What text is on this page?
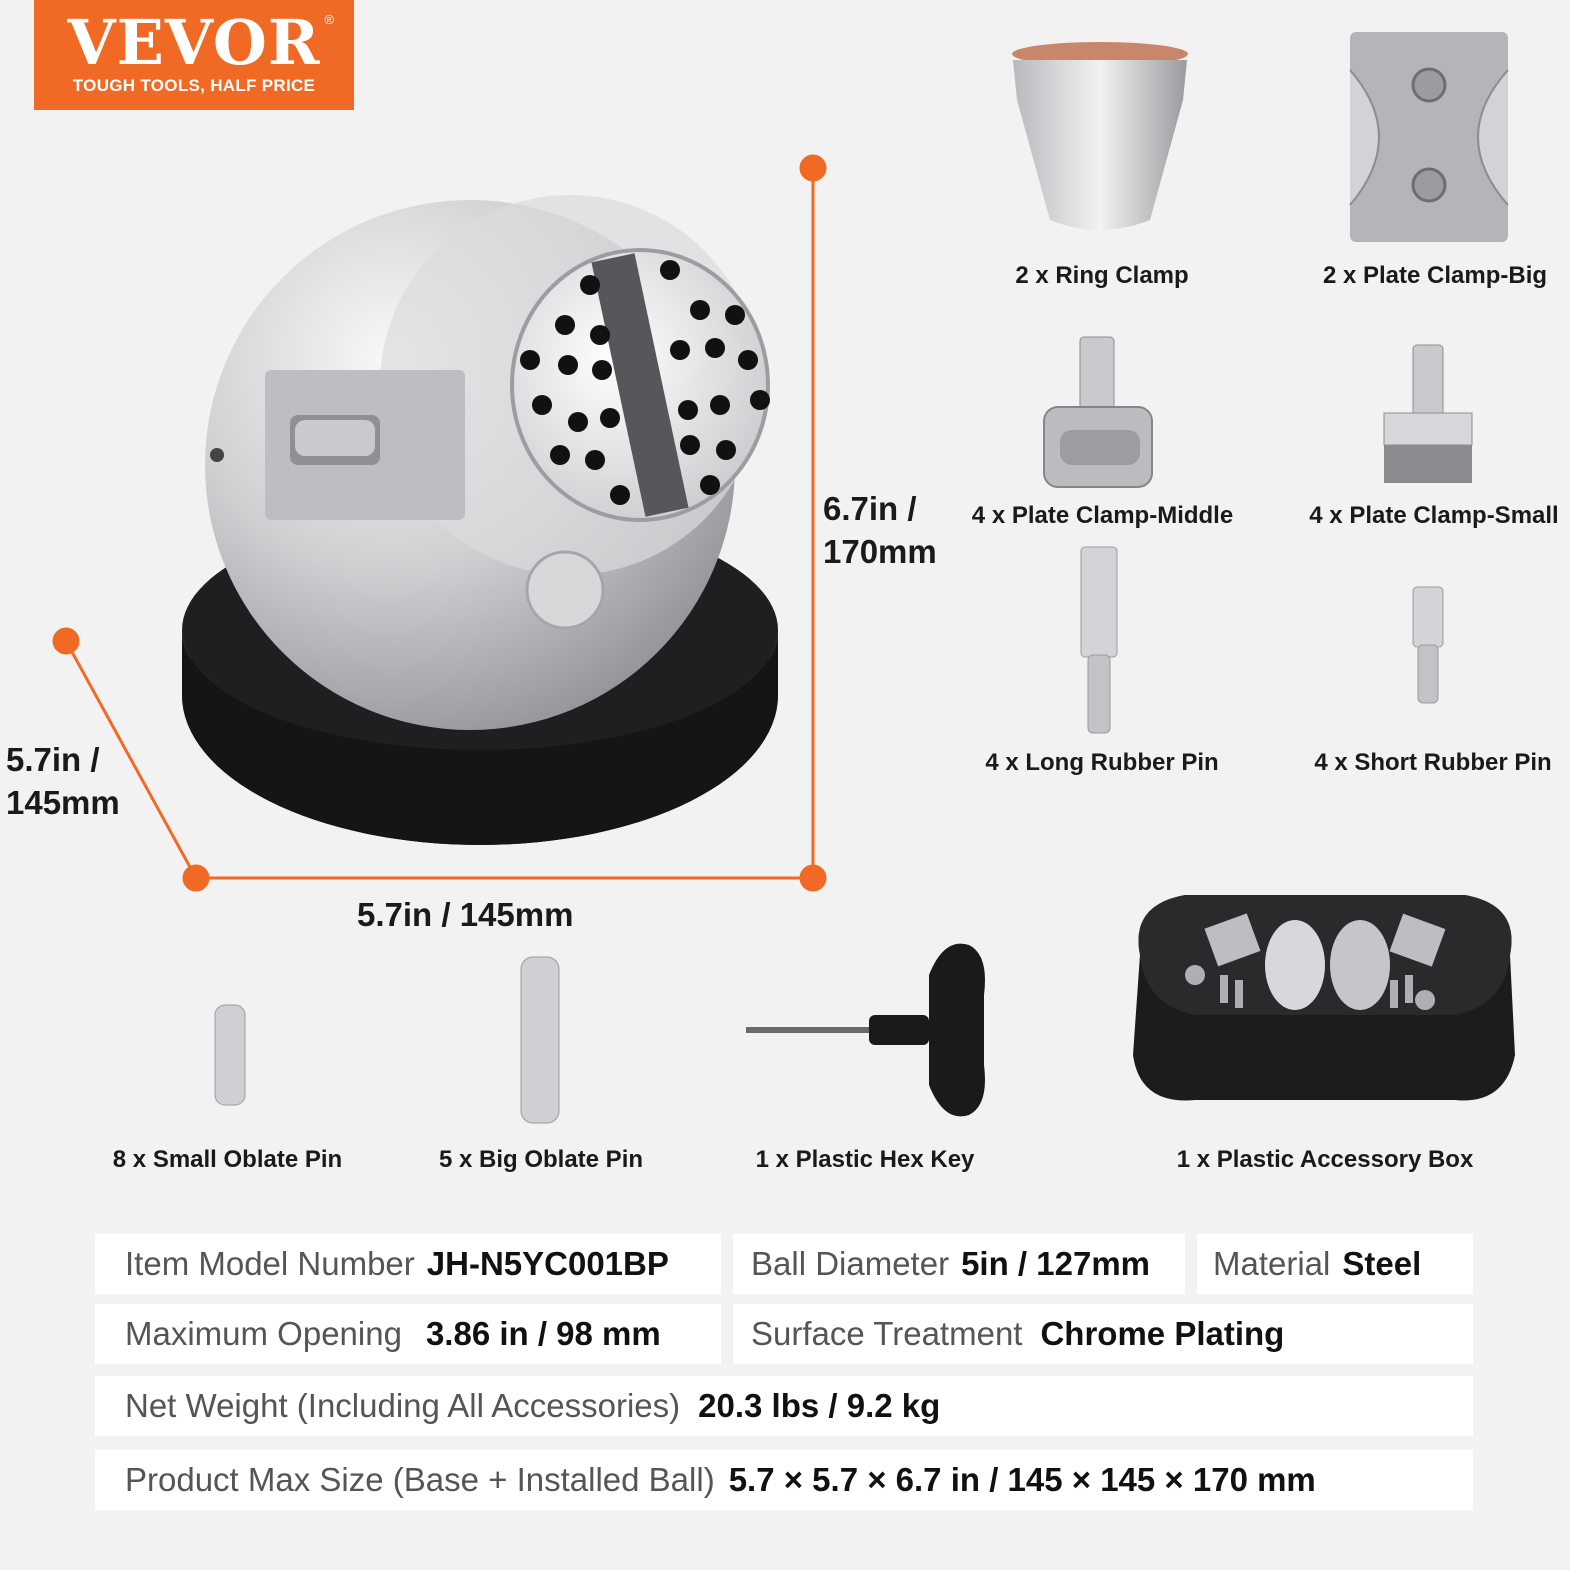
VEVOR ®
TOUGH TOOLS, HALF PRICE
6.7in /
170mm
5.7in /
145mm
5.7in / 145mm
2 x Ring Clamp	2 x Plate Clamp-Big
4 x Plate Clamp-Middle	4 x Plate Clamp-Small
4 x Long Rubber Pin	4 x Short Rubber Pin
8 x Small Oblate Pin	5 x Big Oblate Pin	1 x Plastic Hex Key	1 x Plastic Accessory Box
Item Model Number JH-N5YC001BP Ball Diameter 5in / 127mm Material Steel
Maximum Opening 3.86 in / 98 mm	Surface Treatment Chrome Plating
Net Weight (Including All Accessories) 20.3 lbs / 9.2 kg
Product Max Size (Base + Installed Ball) 5.7 × 5.7 × 6.7 in / 145 × 145 × 170 mm
